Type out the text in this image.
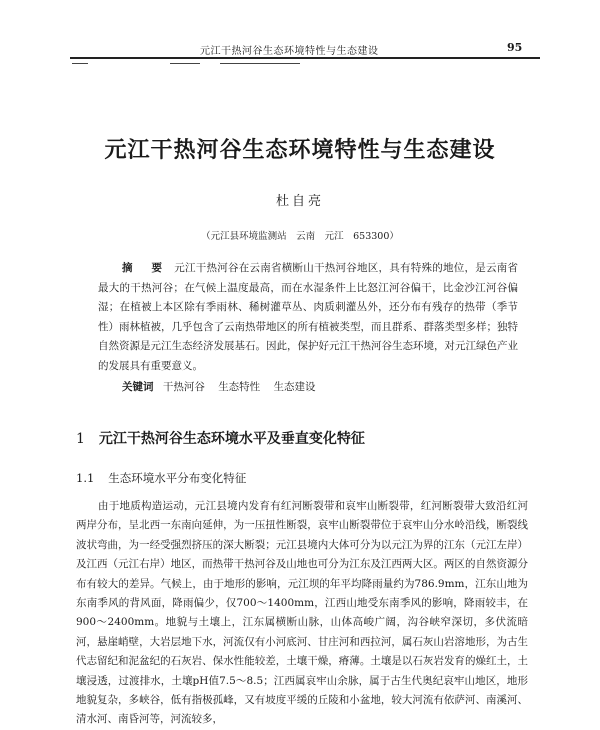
元江干热河谷生态环境特性与生态建设	95
元江干热河谷生态环境特性与生态建设
杜自亮
（元江县环境监测站　云南　元江　653300）

摘　要 元江干热河谷在云南省横断山干热河谷地区，具有特殊的地位，是云南省最大的干热河谷；在气候上温度最高，而在水湿条件上比怒江河谷偏干，比金沙江河谷偏湿；在植被上本区除有季雨林、稀树灌草丛、肉质刺灌丛外，还分布有残存的热带（季节性）雨林植被，几乎包含了云南热带地区的所有植被类型，而且群系、群落类型多样；独特自然资源是元江生态经济发展基石。因此，保护好元江干热河谷生态环境，对元江绿色产业的发展具有重要意义。

关键词 干热河谷 生态特性 生态建设
1 元江干热河谷生态环境水平及垂直变化特征
1.1 生态环境水平分布变化特征

由于地质构造运动，元江县境内发育有红河断裂带和哀牢山断裂带，红河断裂带大致沿红河两岸分布，呈北西一东南向延伸，为一压扭性断裂，哀牢山断裂带位于哀牢山分水岭沿线，断裂线波状弯曲，为一经受强烈挤压的深大断裂；元江县境内大体可分为以元江为界的江东（元江左岸）及江西（元江右岸）地区，而热带干热河谷及山地也可分为江东及江西两大区。两区的自然资源分布有较大的差异。气候上，由于地形的影响，元江坝的年平均降雨量约为786.9mm，江东山地为东南季风的背风面，降雨偏少，仅700～1400mm，江西山地受东南季风的影响，降雨较丰，在900～2400mm。地貌与土壤上，江东属横断山脉，山体高峻广阔，沟谷峡窄深切，多伏流暗河，悬崖峭壁，大岩层地下水，河流仅有小河底河、甘庄河和西拉河，属石灰山岩溶地形，为古生代志留纪和泥盆纪的石灰岩、保水性能较差，土壤干燥，瘠薄。土壤是以石灰岩发育的燥红土，土壤浸透，过渡排水，土壤pH值7.5～8.5；江西属哀牢山余脉，属于古生代奥纪哀牢山地区，地形地貌复杂，多峡谷，低有指极孤峰，又有坡度平缓的丘陵和小盆地，较大河流有依萨河、南溪河、清水河、南昏河等，河流较多，
